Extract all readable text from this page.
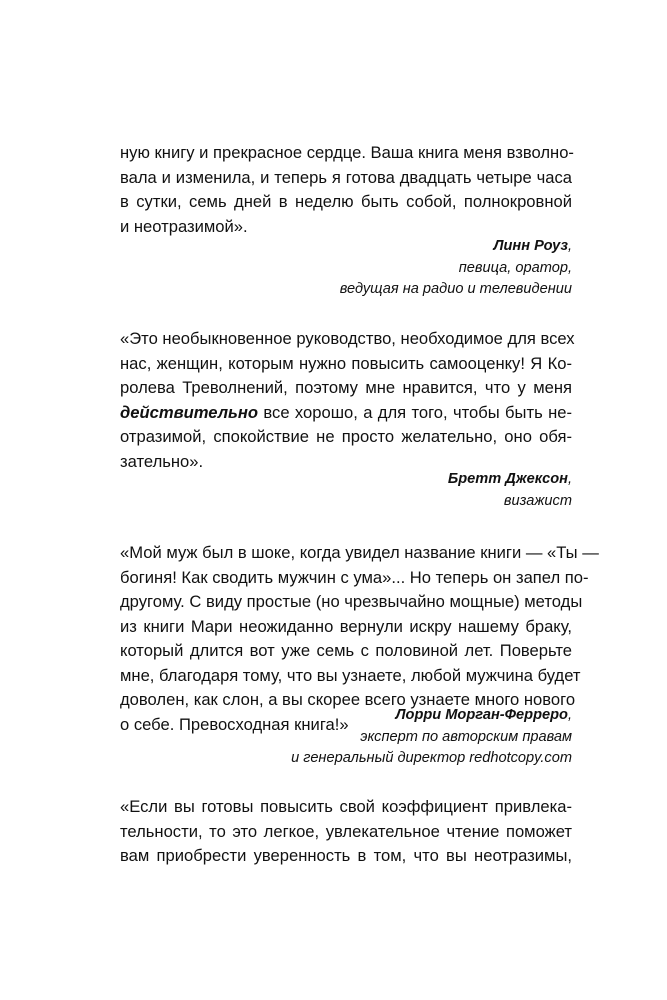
ную книгу и прекрасное сердце. Ваша книга меня взволно-
вала и изменила, и теперь я готова двадцать четыре часа
в сутки, семь дней в неделю быть собой, полнокровной
и неотразимой».

Линн Роуз,
певица, оратор,
ведущая на радио и телевидении

«Это необыкновенное руководство, необходимое для всех
нас, женщин, которым нужно повысить самооценку! Я Ко-
ролева Треволнений, поэтому мне нравится, что у меня
действительно все хорошо, а для того, чтобы быть не-
отразимой, спокойствие не просто желательно, оно обя-
зательно».

Бретт Джексон,
визажист

«Мой муж был в шоке, когда увидел название книги — «Ты —
богиня! Как сводить мужчин с ума»... Но теперь он запел по-
другому. С виду простые (но чрезвычайно мощные) методы
из книги Мари неожиданно вернули искру нашему браку,
который длится вот уже семь с половиной лет. Поверьте
мне, благодаря тому, что вы узнаете, любой мужчина будет
доволен, как слон, а вы скорее всего узнаете много нового
о себе. Превосходная книга!»	Лорри Морган-Ферреро,
эксперт по авторским правам
и генеральный директор redhotcopy.com

«Если вы готовы повысить свой коэффициент привлека-
тельности, то это легкое, увлекательное чтение поможет
вам приобрести уверенность в том, что вы неотразимы,
